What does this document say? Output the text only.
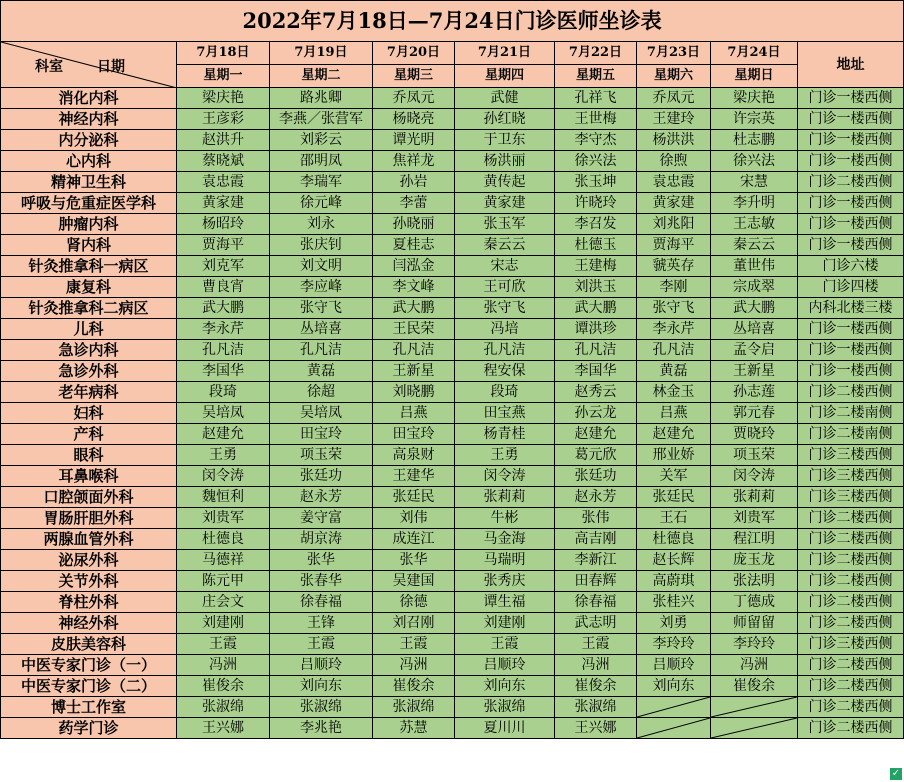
2022年7月18日—7月24日门诊医师坐诊表								

科室 日期	7月18日	7月19日	7月20日	7月21日	7月22日	7月23日	7月24日	地址
	星期一	星期二	星期三	星期四	星期五	星期六	星期日	
消化内科	梁庆艳	路兆卿	乔凤元	武健	孔祥飞	乔凤元	梁庆艳	门诊一楼西侧
神经内科	王彦彩	李燕／张营军	杨晓亮	孙红晓	王世梅	王建玲	许宗英	门诊一楼西侧
内分泌科	赵洪升	刘彩云	谭光明	于卫东	李守杰	杨洪洪	杜志鹏	门诊一楼西侧
心内科	蔡晓斌	邵明凤	焦祥龙	杨洪丽	徐兴法	徐煦	徐兴法	门诊一楼西侧
精神卫生科	袁忠霞	李瑞军	孙岩	黄传起	张玉坤	袁忠霞	宋慧	门诊二楼西侧
呼吸与危重症医学科	黄家建	徐元峰	李蕾	黄家建	许晓玲	黄家建	李升明	门诊一楼西侧
肿瘤内科	杨昭玲	刘永	孙晓丽	张玉军	李召发	刘兆阳	王志敏	门诊一楼西侧
肾内科	贾海平	张庆钊	夏桂志	秦云云	杜德玉	贾海平	秦云云	门诊一楼西侧
针灸推拿科一病区	刘克军	刘文明	闫泓金	宋志	王建梅	虢英存	董世伟	门诊六楼
康复科	曹良宵	李应峰	李文峰	王可欣	刘洪玉	李刚	宗成翠	门诊四楼
针灸推拿科二病区	武大鹏	张守飞	武大鹏	张守飞	武大鹏	张守飞	武大鹏	内科北楼三楼
儿科	李永芹	丛培喜	王民荣	冯培	谭洪珍	李永芹	丛培喜	门诊一楼西侧
急诊内科	孔凡洁	孔凡洁	孔凡洁	孔凡洁	孔凡洁	孔凡洁	孟令启	门诊一楼西侧
急诊外科	李国华	黄磊	王新星	程安保	李国华	黄磊	王新星	门诊一楼西侧
老年病科	段琦	徐超	刘晓鹏	段琦	赵秀云	林金玉	孙志莲	门诊二楼西侧
妇科	吴培凤	吴培凤	吕燕	田宝燕	孙云龙	吕燕	郭元春	门诊二楼南侧
产科	赵建允	田宝玲	田宝玲	杨青桂	赵建允	赵建允	贾晓玲	门诊二楼南侧
眼科	王勇	项玉荣	高泉财	王勇	葛元欣	邢业娇	项玉荣	门诊三楼西侧
耳鼻喉科	闵令涛	张廷功	王建华	闵令涛	张廷功	关军	闵令涛	门诊三楼西侧
口腔颌面外科	魏恒利	赵永芳	张廷民	张莉莉	赵永芳	张廷民	张莉莉	门诊三楼西侧
胃肠肝胆外科	刘贵军	姜守富	刘伟	牛彬	张伟	王石	刘贵军	门诊二楼西侧
两腺血管外科	杜德良	胡京涛	成连江	马金海	高吉刚	杜德良	程江明	门诊二楼西侧
泌尿外科	马德祥	张华	张华	马瑞明	李新江	赵长辉	庞玉龙	门诊二楼西侧
关节外科	陈元甲	张春华	吴建国	张秀庆	田春辉	高蔚琪	张法明	门诊二楼西侧
脊柱外科	庄会文	徐春福	徐德	谭生福	徐春福	张桂兴	丁德成	门诊二楼西侧
神经外科	刘建刚	王锋	刘召刚	刘建刚	武志明	刘勇	师留留	门诊二楼西侧
皮肤美容科	王霞	王霞	王霞	王霞	王霞	李玲玲	李玲玲	门诊三楼西侧
中医专家门诊（一）	冯洲	吕顺玲	冯洲	吕顺玲	冯洲	吕顺玲	冯洲	门诊二楼西侧
中医专家门诊（二）	崔俊余	刘向东	崔俊余	刘向东	崔俊余	刘向东	崔俊余	门诊二楼西侧
博士工作室	张淑绵	张淑绵	张淑绵	张淑绵	张淑绵			门诊二楼西侧
药学门诊	王兴娜	李兆艳	苏慧	夏川川	王兴娜			门诊二楼西侧
✓
